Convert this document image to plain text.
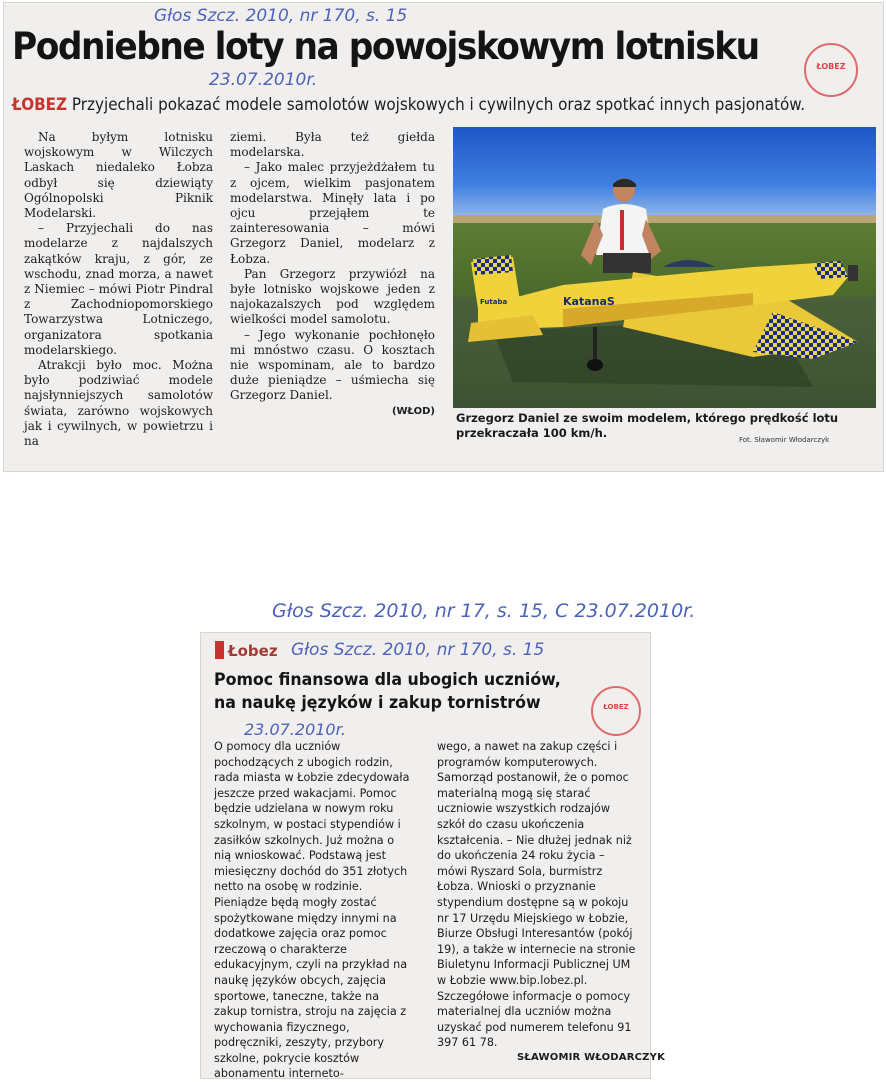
Głos Szcz. 2010, nr 170, s. 15
Podniebne loty na powojskowym lotnisku
23.07.2010r.
ŁOBEZ
ŁOBEZ Przyjechali pokazać modele samolotów wojskowych i cywilnych oraz spotkać innych pasjonatów.

Na byłym lotnisku wojskowym w Wilczych Laskach niedaleko Łobza odbył się dziewiąty Ogólnopolski Piknik Modelarski.

– Przyjechali do nas modelarze z najdalszych zakątków kraju, z gór, ze wschodu, znad morza, a nawet z Niemiec – mówi Piotr Pindral z Zachodniopomorskiego Towarzystwa Lotniczego, organizatora spotkania modelarskiego.

Atrakcji było moc. Można było podziwiać modele najsłynniejszych samolotów świata, zarówno wojskowych jak i cywilnych, w powietrzu i na

ziemi. Była też giełda modelarska.

– Jako malec przyjeżdżałem tu z ojcem, wielkim pasjonatem modelarstwa. Minęły lata i po ojcu przejąłem te zainteresowania – mówi Grzegorz Daniel, modelarz z Łobza.

Pan Grzegorz przywiózł na byłe lotnisko wojskowe jeden z najokazalszych pod względem wielkości model samolotu.

– Jego wykonanie pochłonęło mi mnóstwo czasu. O kosztach nie wspominam, ale to bardzo duże pieniądze – uśmiecha się Grzegorz Daniel.

(WŁOD)
KatanaS
Futaba
Grzegorz Daniel ze swoim modelem, którego prędkość lotu przekraczała 100 km/h.	Fot. Sławomir Włodarczyk
Głos Szcz. 2010, nr 17, s. 15, C 23.07.2010r.
Łobez Głos Szcz. 2010, nr 170, s. 15
Pomoc finansowa dla ubogich uczniów,
na naukę języków i zakup tornistrów	ŁOBEZ
23.07.2010r.

O pomocy dla uczniów pochodzących z ubogich rodzin, rada miasta w Łobzie zdecydowała jeszcze przed wakacjami. Pomoc będzie udzielana w nowym roku szkolnym, w postaci stypendiów i zasiłków szkolnych. Już można o nią wnioskować. Podstawą jest miesięczny dochód do 351 złotych netto na osobę w rodzinie. Pieniądze będą mogły zostać spożytkowane między innymi na dodatkowe zajęcia oraz pomoc rzeczową o charakterze edukacyjnym, czyli na przykład na naukę języków obcych, zajęcia sportowe, taneczne, także na zakup tornistra, stroju na zajęcia z wychowania fizycznego, podręczniki, zeszyty, przybory szkolne, pokrycie kosztów abonamentu interneto-

wego, a nawet na zakup części i programów komputerowych. Samorząd postanowił, że o pomoc materialną mogą się starać uczniowie wszystkich rodzajów szkół do czasu ukończenia kształcenia. – Nie dłużej jednak niż do ukończenia 24 roku życia – mówi Ryszard Sola, burmistrz Łobza. Wnioski o przyznanie stypendium dostępne są w pokoju nr 17 Urzędu Miejskiego w Łobzie, Biurze Obsługi Interesantów (pokój 19), a także w internecie na stronie Biuletynu Informacji Publicznej UM w Łobzie www.bip.lobez.pl. Szczegółowe informacje o pomocy materialnej dla uczniów można uzyskać pod numerem telefonu 91 397 61 78.

SŁAWOMIR WŁODARCZYK
